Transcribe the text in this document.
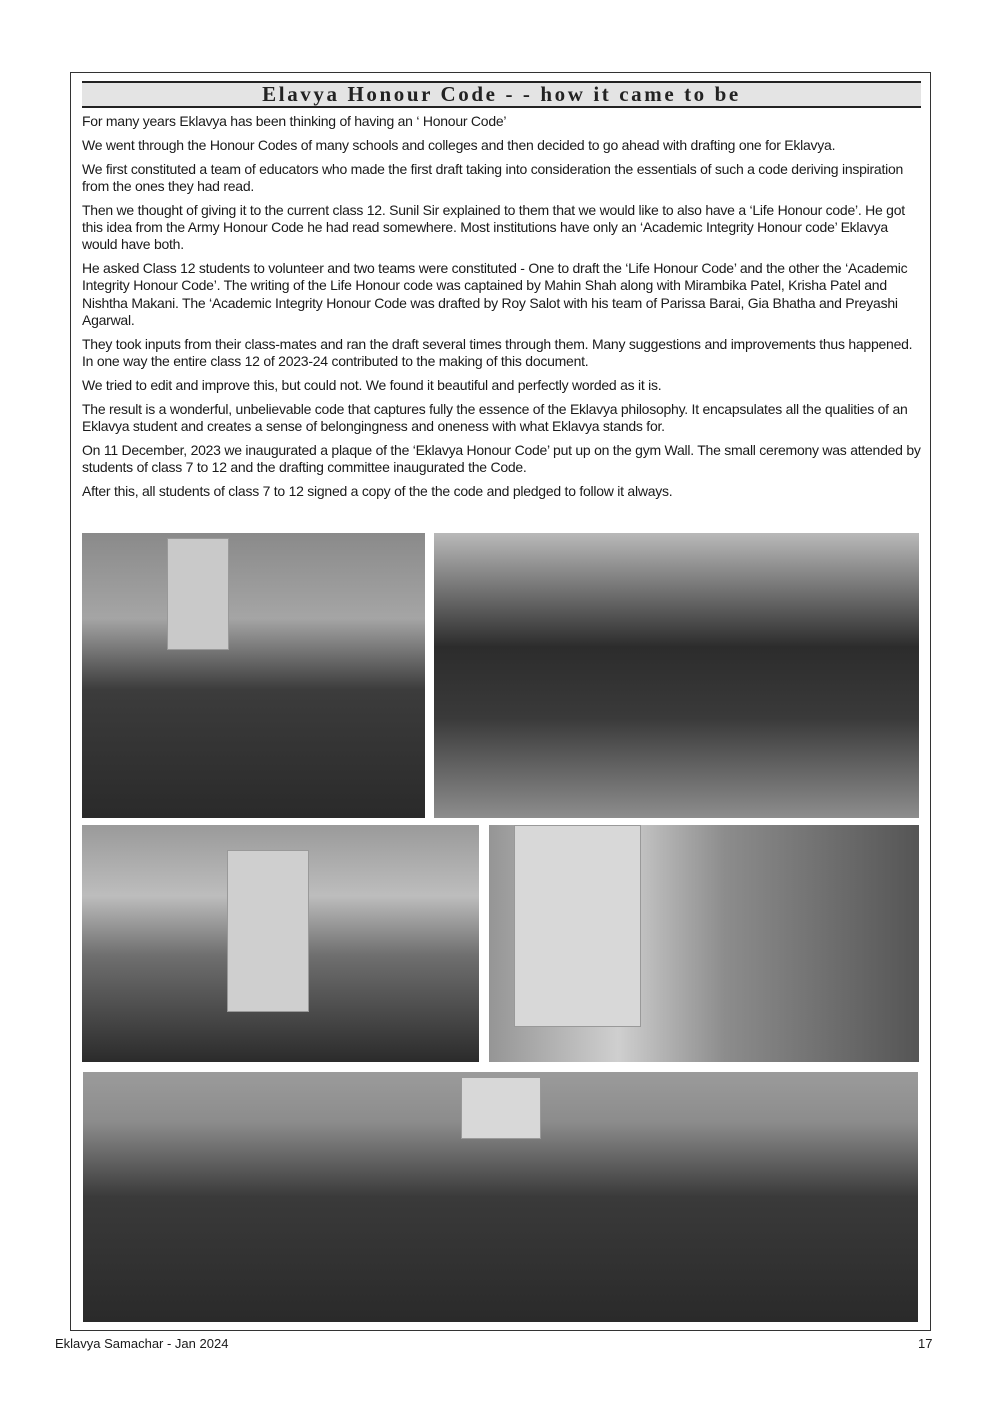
Elavya Honour Code - - how it came to be

For many years Eklavya has been thinking of having an ‘ Honour Code’

We went through the Honour Codes of many schools and colleges and then decided to go ahead with drafting one for Eklavya.

We first constituted a team of educators who made the first draft taking into consideration the essentials of such a code deriving inspiration from the ones they had read.

Then we thought of giving it to the current class 12. Sunil Sir explained to them that we would like to also have a ‘Life Honour code’. He got this idea from the Army Honour Code he had read somewhere. Most institutions have only an ‘Academic Integrity Honour code’ Eklavya would have both.

He asked Class 12 students to volunteer and two teams were constituted - One to draft the ‘Life Honour Code’ and the other the ‘Academic Integrity Honour Code’. The writing of the Life Honour code was captained by Mahin Shah along with Mirambika Patel, Krisha Patel and Nishtha Makani. The ‘Academic Integrity Honour Code was drafted by Roy Salot with his team of Parissa Barai, Gia Bhatha and Preyashi Agarwal.

They took inputs from their class-mates and ran the draft several times through them. Many suggestions and improvements thus happened. In one way the entire class 12 of 2023-24 contributed to the making of this document.

We tried to edit and improve this, but could not. We found it beautiful and perfectly worded as it is.

The result is a wonderful, unbelievable code that captures fully the essence of the Eklavya philosophy. It encapsulates all the qualities of an Eklavya student and creates a sense of belongingness and oneness with what Eklavya stands for.

On 11 December, 2023 we inaugurated a plaque of the ‘Eklavya Honour Code’ put up on the gym Wall. The small ceremony was attended by students of class 7 to 12 and the drafting committee inaugurated the Code.

After this, all students of class 7 to 12 signed a copy of the the code and pledged to follow it always.

Eklavya Samachar - Jan 2024	17
